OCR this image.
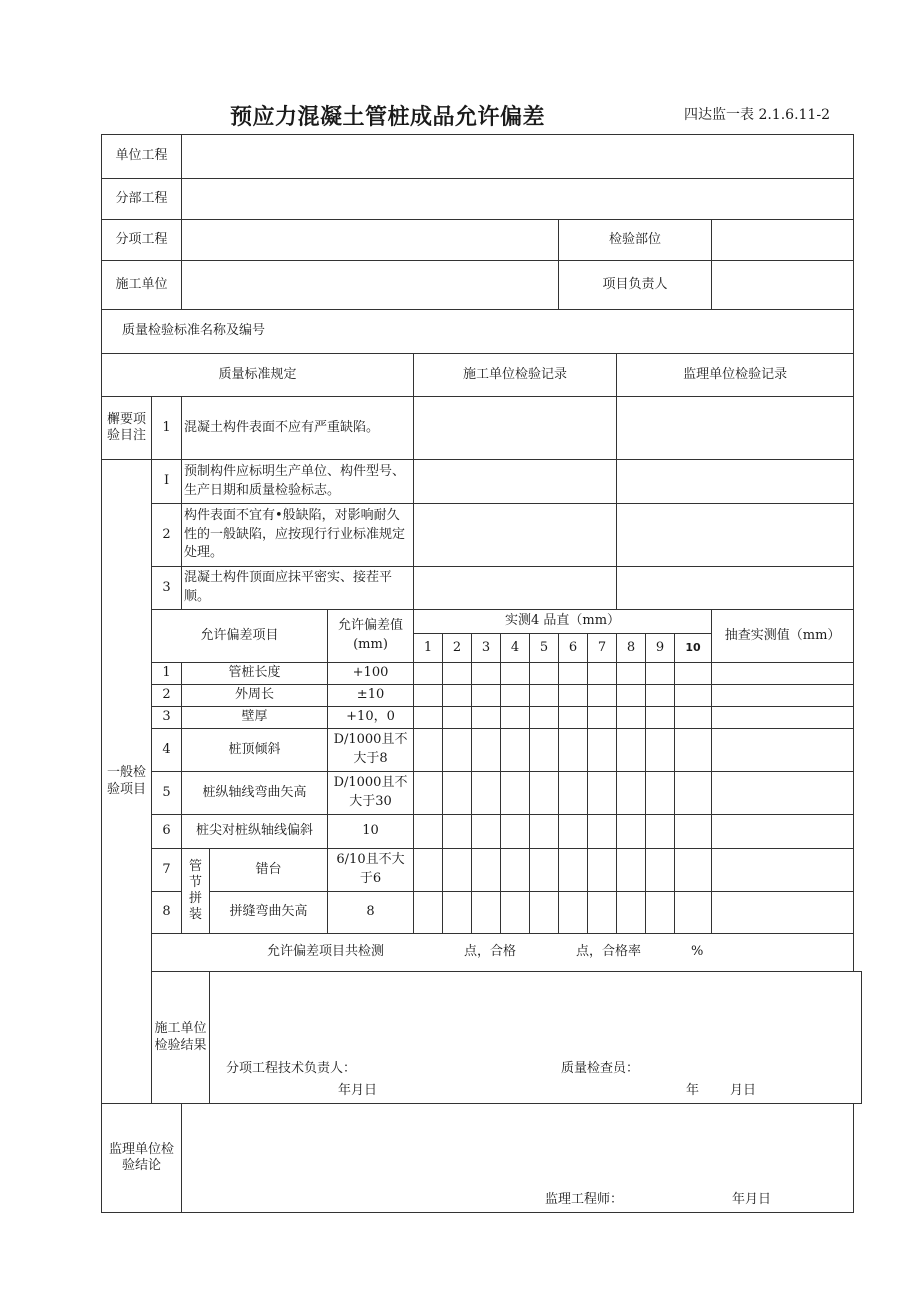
预应力混凝土管桩成品允许偏差	四达监一表 2.1.6.11-2
单位工程															
分部工程															
分项工程										检验部位					
施工单位										项目负责人					
质量检验标准名称及编号															
质量标准规定					施工单位检验记录							监理单位检验记录			
檞要项验目注	1	混凝土构件表面不应有严重缺陷。													
一般检验项目	I	预制构件应标明生产单位、构件型号、生产日期和质量检验标志。													
	2	构件表面不宜有•般缺陷，对影响耐久性的一般缺陷，应按现行行业标准规定处理。													
	3	混凝土构件顶面应抹平密实、接茬平顺。													
	允许偏差项目			允许偏差值(mm)	实测4 品直（mm）										抽查实测值（mm）
					1	2	3	4	5	6	7	8	9	10	
	1	管桩长度		+100											
	2	外周长		±10											
	3	壁厚		+10，0											
	4	桩顶倾斜		D/1000且不大于8											
	5	桩纵轴线弯曲矢高		D/1000且不大于30											
	6	桩尖对桩纵轴线偏斜		10											
	7	管节拼装	错台	6/10且不大于6											
	8		拼缝弯曲矢高	8											
	允许偏差项目共检测 点，合格 点，合格率 %														
	施工单位检验结果		分项工程技术负责人： 质量检查员：
年月日 年 月日												

监理单位检验结论		监理工程师： 年月日													
